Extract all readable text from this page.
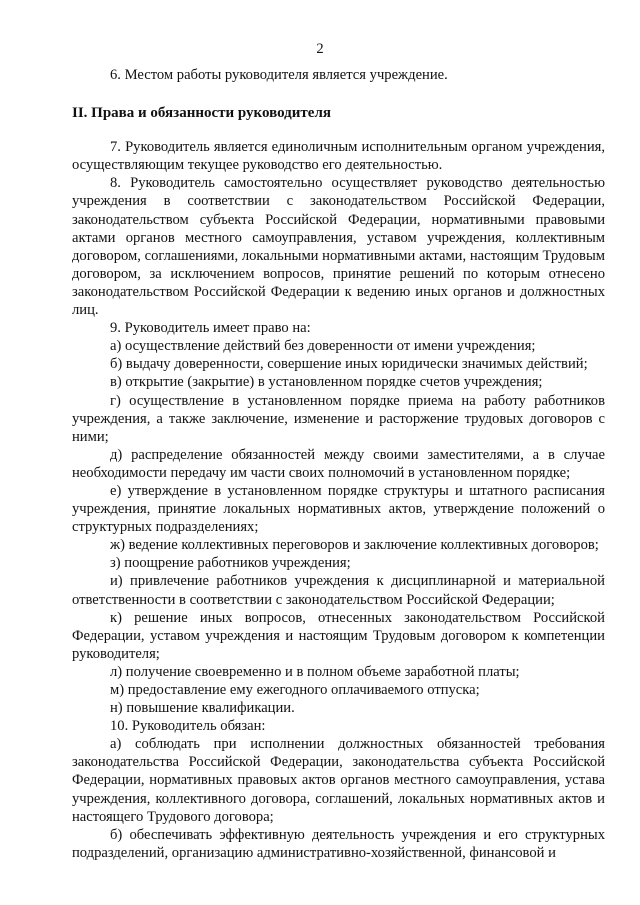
2

6. Местом работы руководителя является учреждение.

II. Права и обязанности руководителя

7. Руководитель является единоличным исполнительным органом учреждения, осуществляющим текущее руководство его деятельностью.

8. Руководитель самостоятельно осуществляет руководство деятельностью учреждения в соответствии с законодательством Российской Федерации, законодательством субъекта Российской Федерации, нормативными правовыми актами органов местного самоуправления, уставом учреждения, коллективным договором, соглашениями, локальными нормативными актами, настоящим Трудовым договором, за исключением вопросов, принятие решений по которым отнесено законодательством Российской Федерации к ведению иных органов и должностных лиц.

9. Руководитель имеет право на:

а) осуществление действий без доверенности от имени учреждения;

б) выдачу доверенности, совершение иных юридически значимых действий;

в) открытие (закрытие) в установленном порядке счетов учреждения;

г) осуществление в установленном порядке приема на работу работников учреждения, а также заключение, изменение и расторжение трудовых договоров с ними;

д) распределение обязанностей между своими заместителями, а в случае необходимости передачу им части своих полномочий в установленном порядке;

е) утверждение в установленном порядке структуры и штатного расписания учреждения, принятие локальных нормативных актов, утверждение положений о структурных подразделениях;

ж) ведение коллективных переговоров и заключение коллективных договоров;

з) поощрение работников учреждения;

и) привлечение работников учреждения к дисциплинарной и материальной ответственности в соответствии с законодательством Российской Федерации;

к) решение иных вопросов, отнесенных законодательством Российской Федерации, уставом учреждения и настоящим Трудовым договором к компетенции руководителя;

л) получение своевременно и в полном объеме заработной платы;

м) предоставление ему ежегодного оплачиваемого отпуска;

н) повышение квалификации.

10. Руководитель обязан:

а) соблюдать при исполнении должностных обязанностей требования законодательства Российской Федерации, законодательства субъекта Российской Федерации, нормативных правовых актов органов местного самоуправления, устава учреждения, коллективного договора, соглашений, локальных нормативных актов и настоящего Трудового договора;

б) обеспечивать эффективную деятельность учреждения и его структурных подразделений, организацию административно-хозяйственной, финансовой и
